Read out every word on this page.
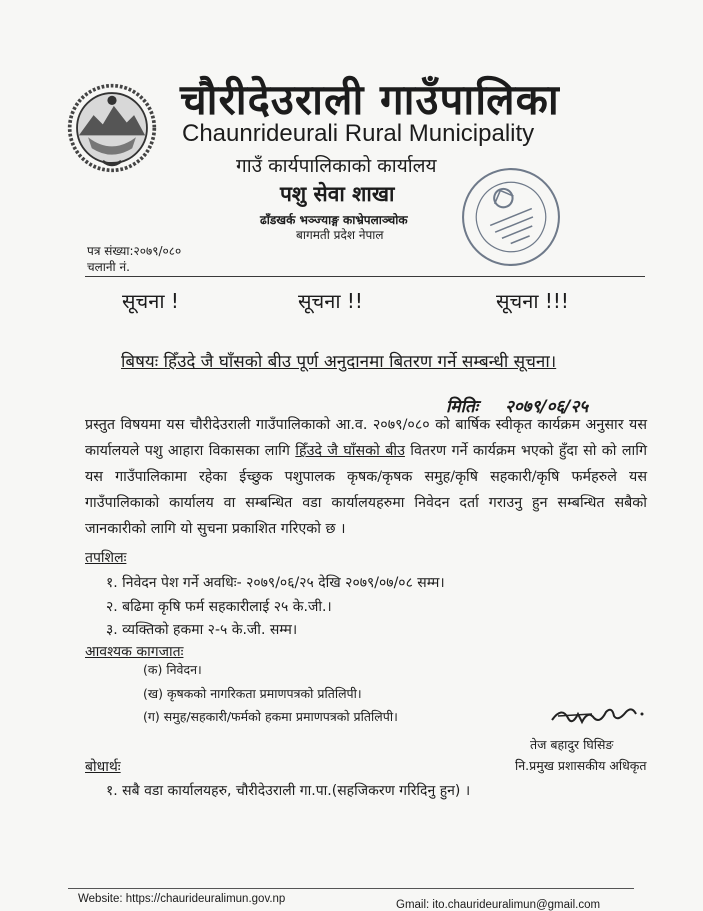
चौरीदेउराली गाउँपालिका
Chaunrideurali Rural Municipality
गाउँ कार्यपालिकाको कार्यालय
पशु सेवा शाखा
ढाँडखर्क भञ्ज्याङ्ग काभ्रेपलाञ्चोक
बागमती प्रदेश नेपाल
पत्र संख्या:२०७९/०८०
चलानी नं.
सूचना !	सूचना !!	सूचना !!!
बिषयः हिँउदे जै घाँसको बीउ पूर्ण अनुदानमा बितरण गर्ने सम्बन्धी सूचना।
मितिः २०७९/०६/२५
प्रस्तुत विषयमा यस चौरीदेउराली गाउँपालिकाको आ.व. २०७९/०८० को बार्षिक स्वीकृत कार्यक्रम अनुसार यस कार्यालयले पशु आहारा विकासका लागि हिँउदे जै घाँसको बीउ वितरण गर्ने कार्यक्रम भएको हुँदा सो को लागि यस गाउँपालिकामा रहेका ईच्छुक पशुपालक कृषक/कृषक समुह/कृषि सहकारी/कृषि फर्महरुले यस गाउँपालिकाको कार्यालय वा सम्बन्धित वडा कार्यालयहरुमा निवेदन दर्ता गराउनु हुन सम्बन्धित सबैको जानकारीको लागि यो सुचना प्रकाशित गरिएको छ ।
तपशिलः
१. निवेदन पेश गर्ने अवधिः- २०७९/०६/२५ देखि २०७९/०७/०८ सम्म।
२. बढिमा कृषि फर्म सहकारीलाई २५ के.जी.।
३. व्यक्तिको हकमा २-५ के.जी. सम्म।
आवश्यक कागजातः
(क) निवेदन।
(ख) कृषकको नागरिकता प्रमाणपत्रको प्रतिलिपी।
(ग) समुह/सहकारी/फर्मको हकमा प्रमाणपत्रको प्रतिलिपी।
तेज बहादुर घिसिङ
नि.प्रमुख प्रशासकीय अधिकृत
बोधार्थः
१. सबै वडा कार्यालयहरु, चौरीदेउराली गा.पा.(सहजिकरण गरिदिनु हुन) ।
Website: https://chaurideuralimun.gov.np	Gmail: ito.chaurideuralimun@gmail.com
